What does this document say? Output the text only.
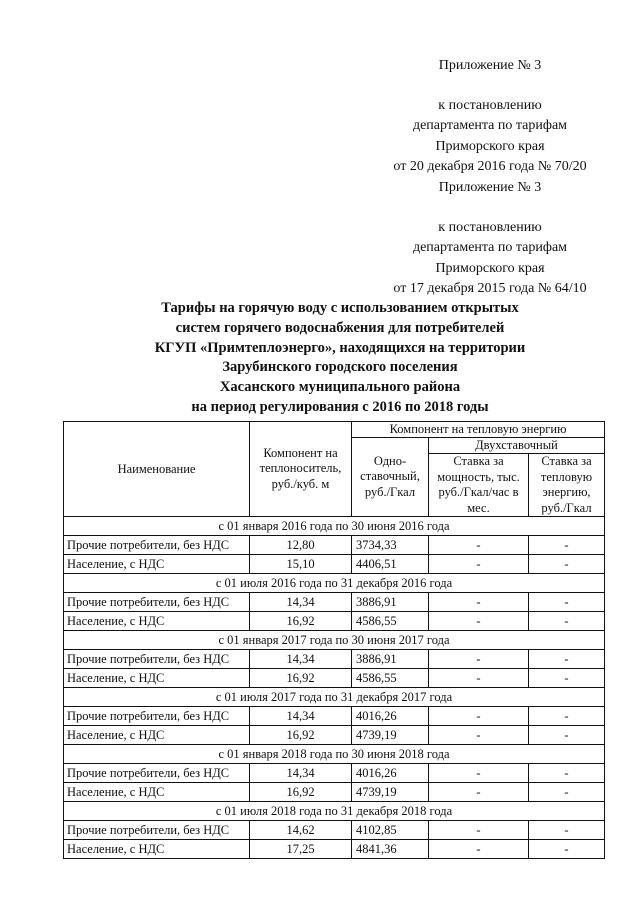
Приложение № 3
к постановлению
департамента по тарифам
Приморского края
от 20 декабря 2016 года № 70/20
Приложение № 3
к постановлению
департамента по тарифам
Приморского края
от 17 декабря 2015 года № 64/10
Тарифы на горячую воду с использованием открытых
систем горячего водоснабжения для потребителей
КГУП «Примтеплоэнерго», находящихся на территории
Зарубинского городского поселения
Хасанского муниципального района
на период регулирования с 2016 по 2018 годы
Наименование	Компонент на теплоноситель, руб./куб. м	Компонент на тепловую энергию		
		Одно-ставочный, руб./Гкал	Двухставочный	
			Ставка за мощность, тыс. руб./Гкал/час в мес.	Ставка за тепловую энергию, руб./Гкал
с 01 января 2016 года по 30 июня 2016 года				
Прочие потребители, без НДС	12,80	3734,33	-	-
Население, с НДС	15,10	4406,51	-	-
с 01 июля 2016 года по 31 декабря 2016 года				
Прочие потребители, без НДС	14,34	3886,91	-	-
Население, с НДС	16,92	4586,55	-	-
с 01 января 2017 года по 30 июня 2017 года				
Прочие потребители, без НДС	14,34	3886,91	-	-
Население, с НДС	16,92	4586,55	-	-
с 01 июля 2017 года по 31 декабря 2017 года				
Прочие потребители, без НДС	14,34	4016,26	-	-
Население, с НДС	16,92	4739,19	-	-
с 01 января 2018 года по 30 июня 2018 года				
Прочие потребители, без НДС	14,34	4016,26	-	-
Население, с НДС	16,92	4739,19	-	-
с 01 июля 2018 года по 31 декабря 2018 года				
Прочие потребители, без НДС	14,62	4102,85	-	-
Население, с НДС	17,25	4841,36	-	-
